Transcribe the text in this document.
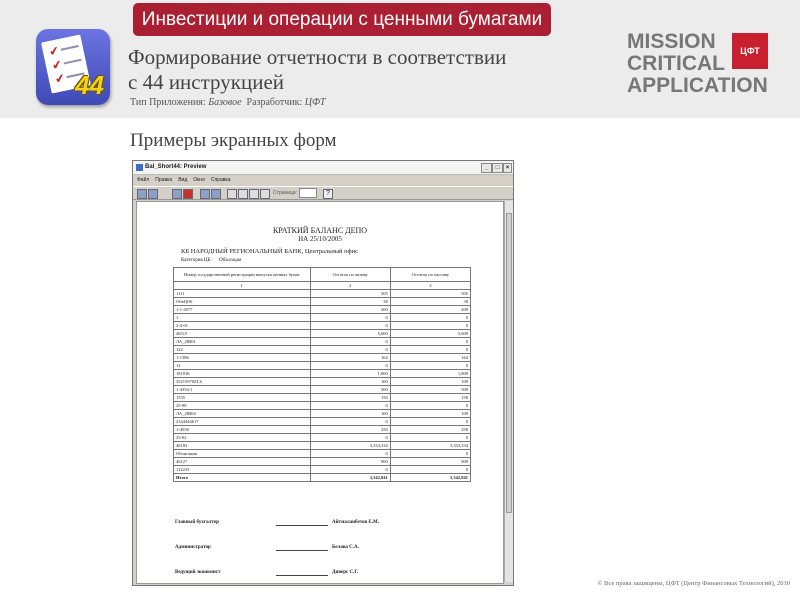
Инвестиции и операции с ценными бумагами
✔
✔
✔ 44
Формирование отчетности в соответствии
с 44 инструкцией
Тип Приложения: Базовое Разработчик: ЦФТ
MISSION
CRITICAL
APPLICATION
ЦФТ
Примеры экранных форм
Bal_Short44: Preview	_	□	×
Файл Правка Вид Окно Справка
Страница:	?
КРАТКИЙ БАЛАНС ДЕПО
НА 25/10/2005
КБ НАРОДНЫЙ РЕГИОНАЛЬНЫЙ БАНК, Центральный офис
Категория ЦБ: Облигация
Номер государственной регистрации выпуска ценных бумаг	Остаток по активу	Остаток по пассиву
1	2	3
1111	505	505
ОбвЦО6	38	38
1-1-4577	200	200
1	0	0
2-4-01	0	0
46515	5,600	5,600
ЛА_28001	0	0
122	0	0
1-1586	164	164
12	0	0
181818	1,800	1,800
35215970ZLS	100	100
1-4354-1	500	500
1555	150	150
25-98	0	0
ЛА_28004	100	100
2344444617	0	0
1-4558	250	250
25-02	0	0
46183	3,333,334	3,333,334
Облигация	0	0
46127	900	900
112233	0	0
Итого	3,342,841	3,342,841
Главный бухгалтер	Айтмалаибетов Е.М.
Администратор	Белова С.А.
Ведущий экономист	Диверс С.Г.
© Все права защищены, ЦФТ (Центр Финансовых Технологий), 2010
